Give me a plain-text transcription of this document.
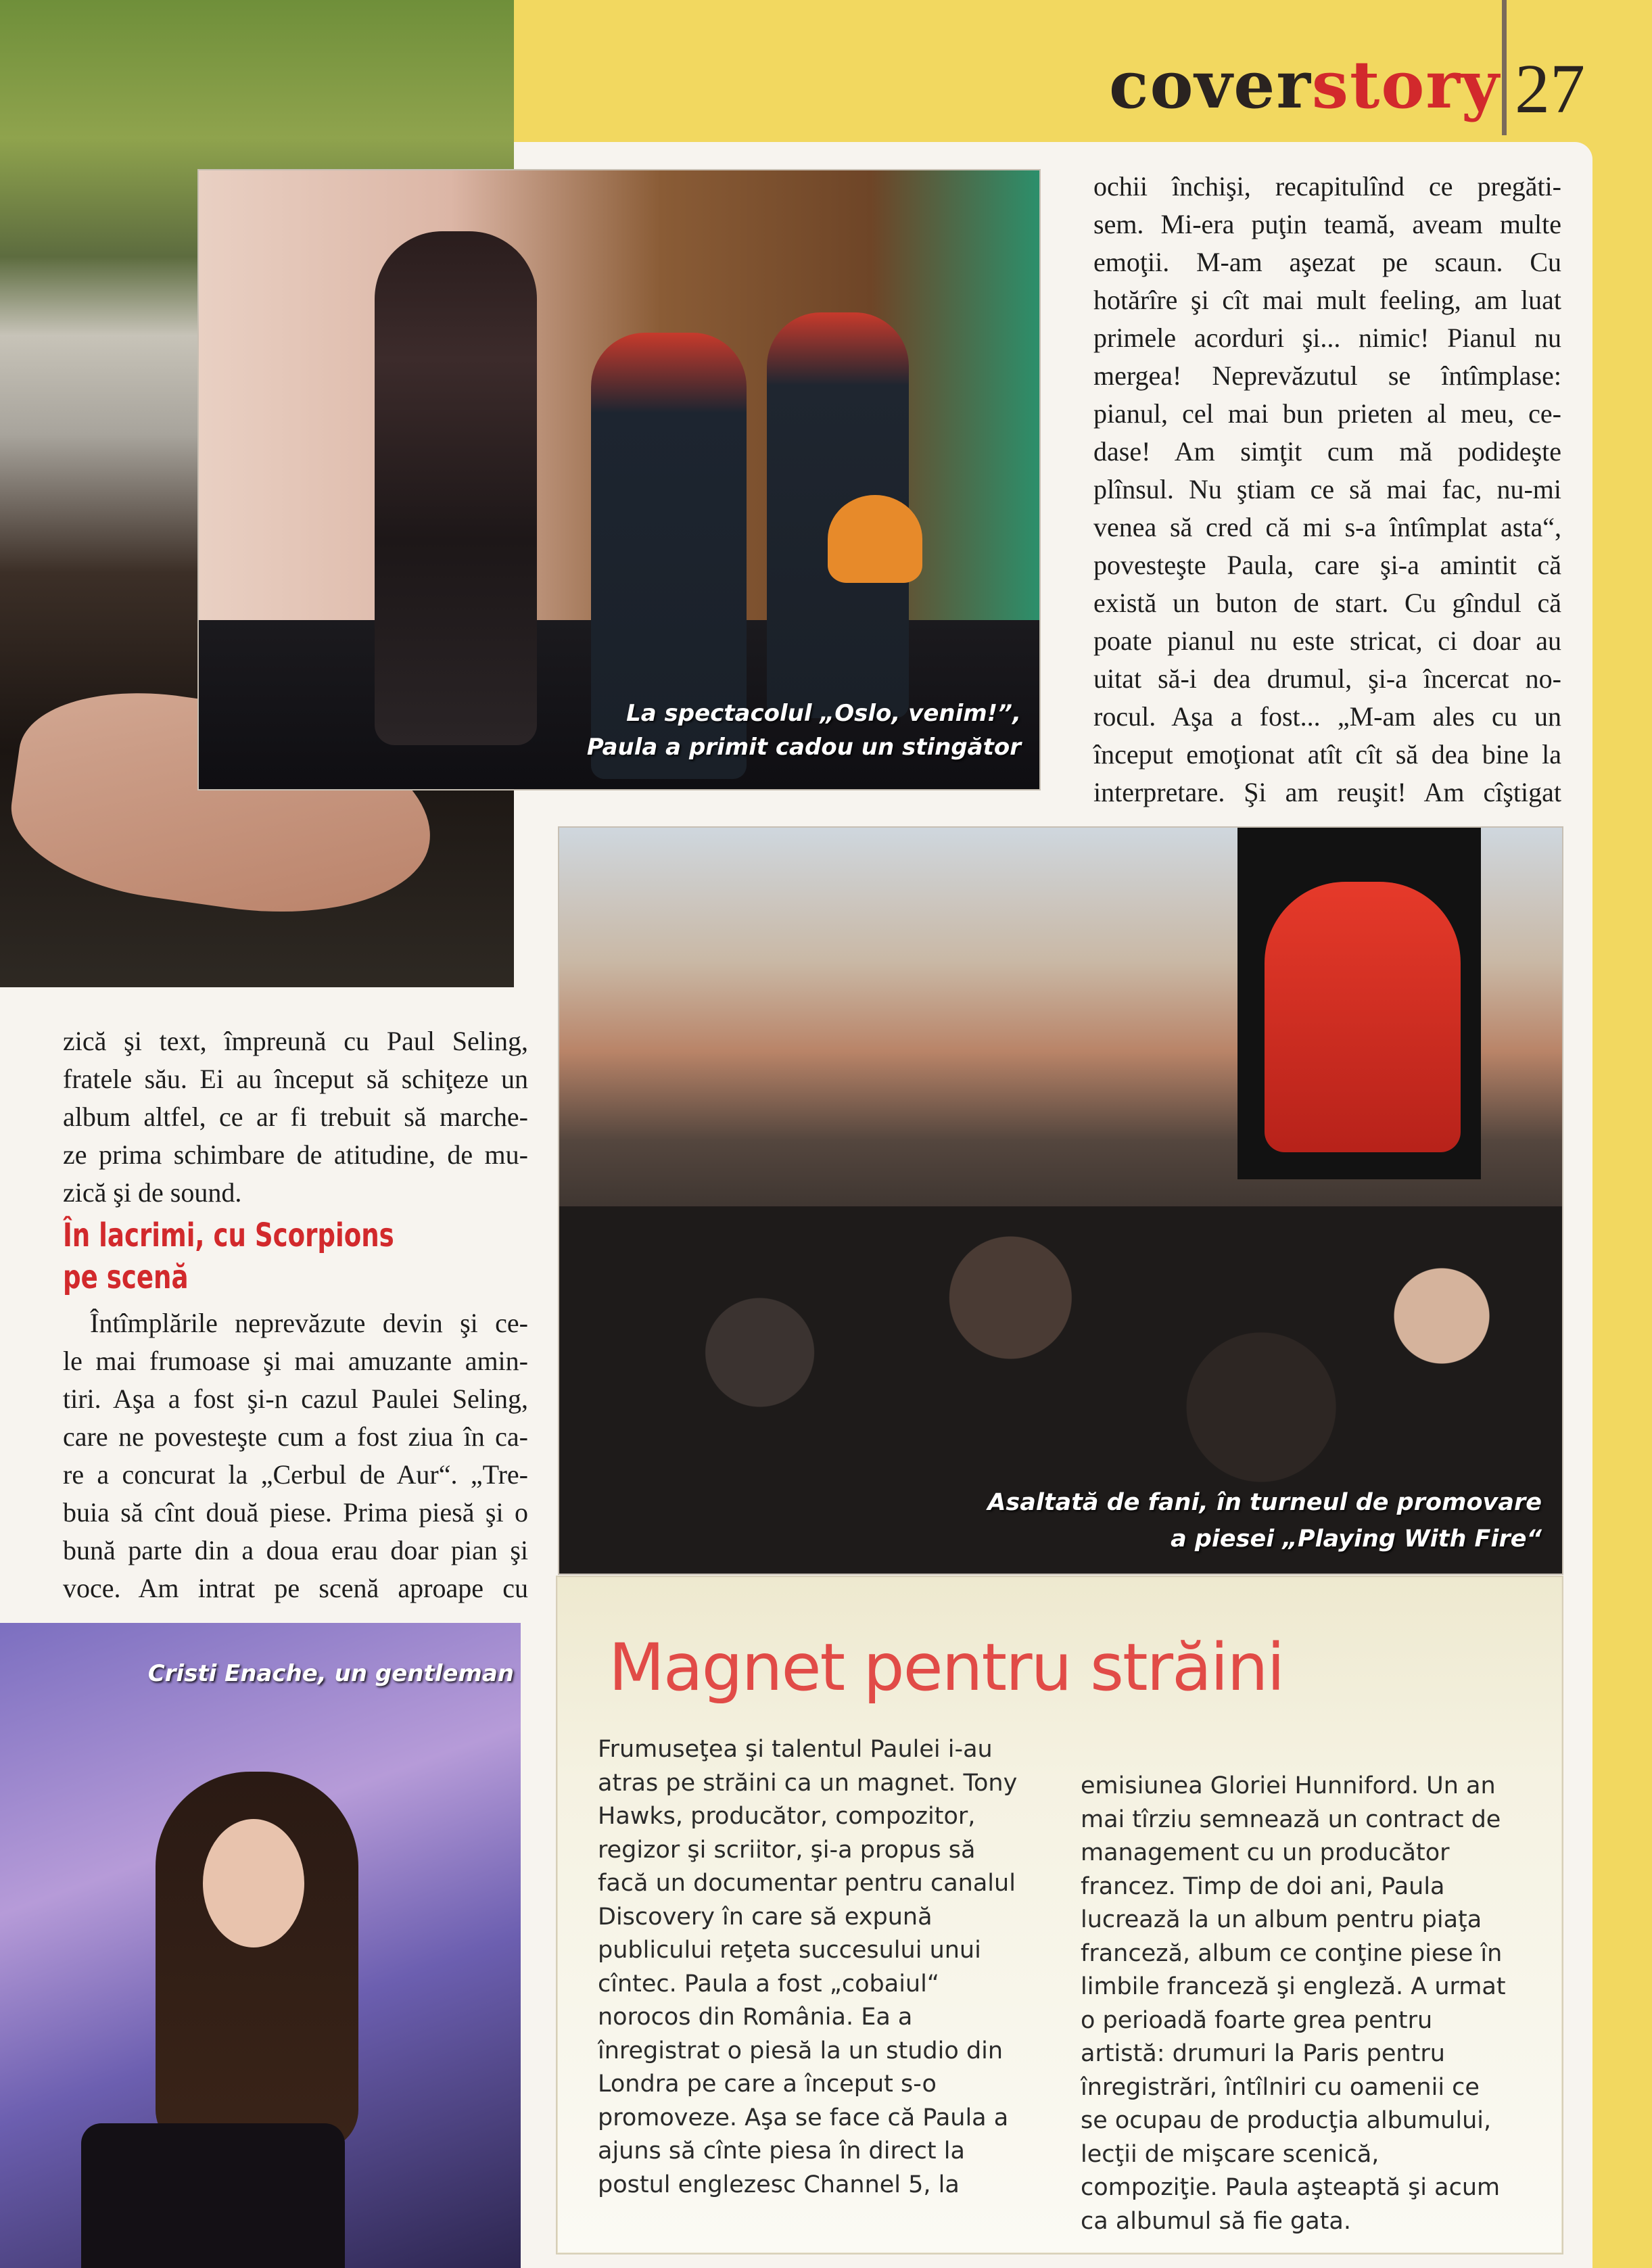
coverstory 27
La spectacolul „Oslo, venim!”,
Paula a primit cadou un stingător

ochii închişi, recapitulînd ce pregăti-

sem. Mi-era puţin teamă, aveam multe

emoţii. M-am aşezat pe scaun. Cu

hotărîre şi cît mai mult feeling, am luat

primele acorduri şi... nimic! Pianul nu

mergea! Neprevăzutul se întîmplase:

pianul, cel mai bun prieten al meu, ce-

dase! Am simţit cum mă podideşte

plînsul. Nu ştiam ce să mai fac, nu-mi

venea să cred că mi s-a întîmplat asta“,

povesteşte Paula, care şi-a amintit că

există un buton de start. Cu gîndul că

poate pianul nu este stricat, ci doar au

uitat să-i dea drumul, şi-a încercat no-

rocul. Aşa a fost... „M-am ales cu un

început emoţionat atît cît să dea bine la

interpretare. Şi am reuşit! Am cîştigat

Asaltată de fani, în turneul de promovare
a piesei „Playing With Fire“

zică şi text, împreună cu Paul Seling,

fratele său. Ei au început să schiţeze un

album altfel, ce ar fi trebuit să marche-

ze prima schimbare de atitudine, de mu-

zică şi de sound.

În lacrimi, cu Scorpions
pe scenă

Întîmplările neprevăzute devin şi ce-

le mai frumoase şi mai amuzante amin-

tiri. Aşa a fost şi-n cazul Paulei Seling,

care ne povesteşte cum a fost ziua în ca-

re a concurat la „Cerbul de Aur“. „Tre-

buia să cînt două piese. Prima piesă şi o

bună parte din a doua erau doar pian şi

voce. Am intrat pe scenă aproape cu

Cristi Enache, un gentleman Magnet pentru străini

Frumuseţea şi talentul Paulei i-au

atras pe străini ca un magnet. Tony

Hawks, producător, compozitor,

regizor şi scriitor, şi-a propus să

facă un documentar pentru canalul

Discovery în care să expună

publicului reţeta succesului unui

cîntec. Paula a fost „cobaiul“

norocos din România. Ea a

înregistrat o piesă la un studio din

Londra pe care a început s-o

promoveze. Aşa se face că Paula a

ajuns să cînte piesa în direct la

postul englezesc Channel 5, la

emisiunea Gloriei Hunniford. Un an

mai tîrziu semnează un contract de

management cu un producător

francez. Timp de doi ani, Paula

lucrează la un album pentru piaţa

franceză, album ce conţine piese în

limbile franceză şi engleză. A urmat

o perioadă foarte grea pentru

artistă: drumuri la Paris pentru

înregistrări, întîlniri cu oamenii ce

se ocupau de producţia albumului,

lecţii de mişcare scenică,

compoziţie. Paula aşteaptă şi acum

ca albumul să fie gata.
